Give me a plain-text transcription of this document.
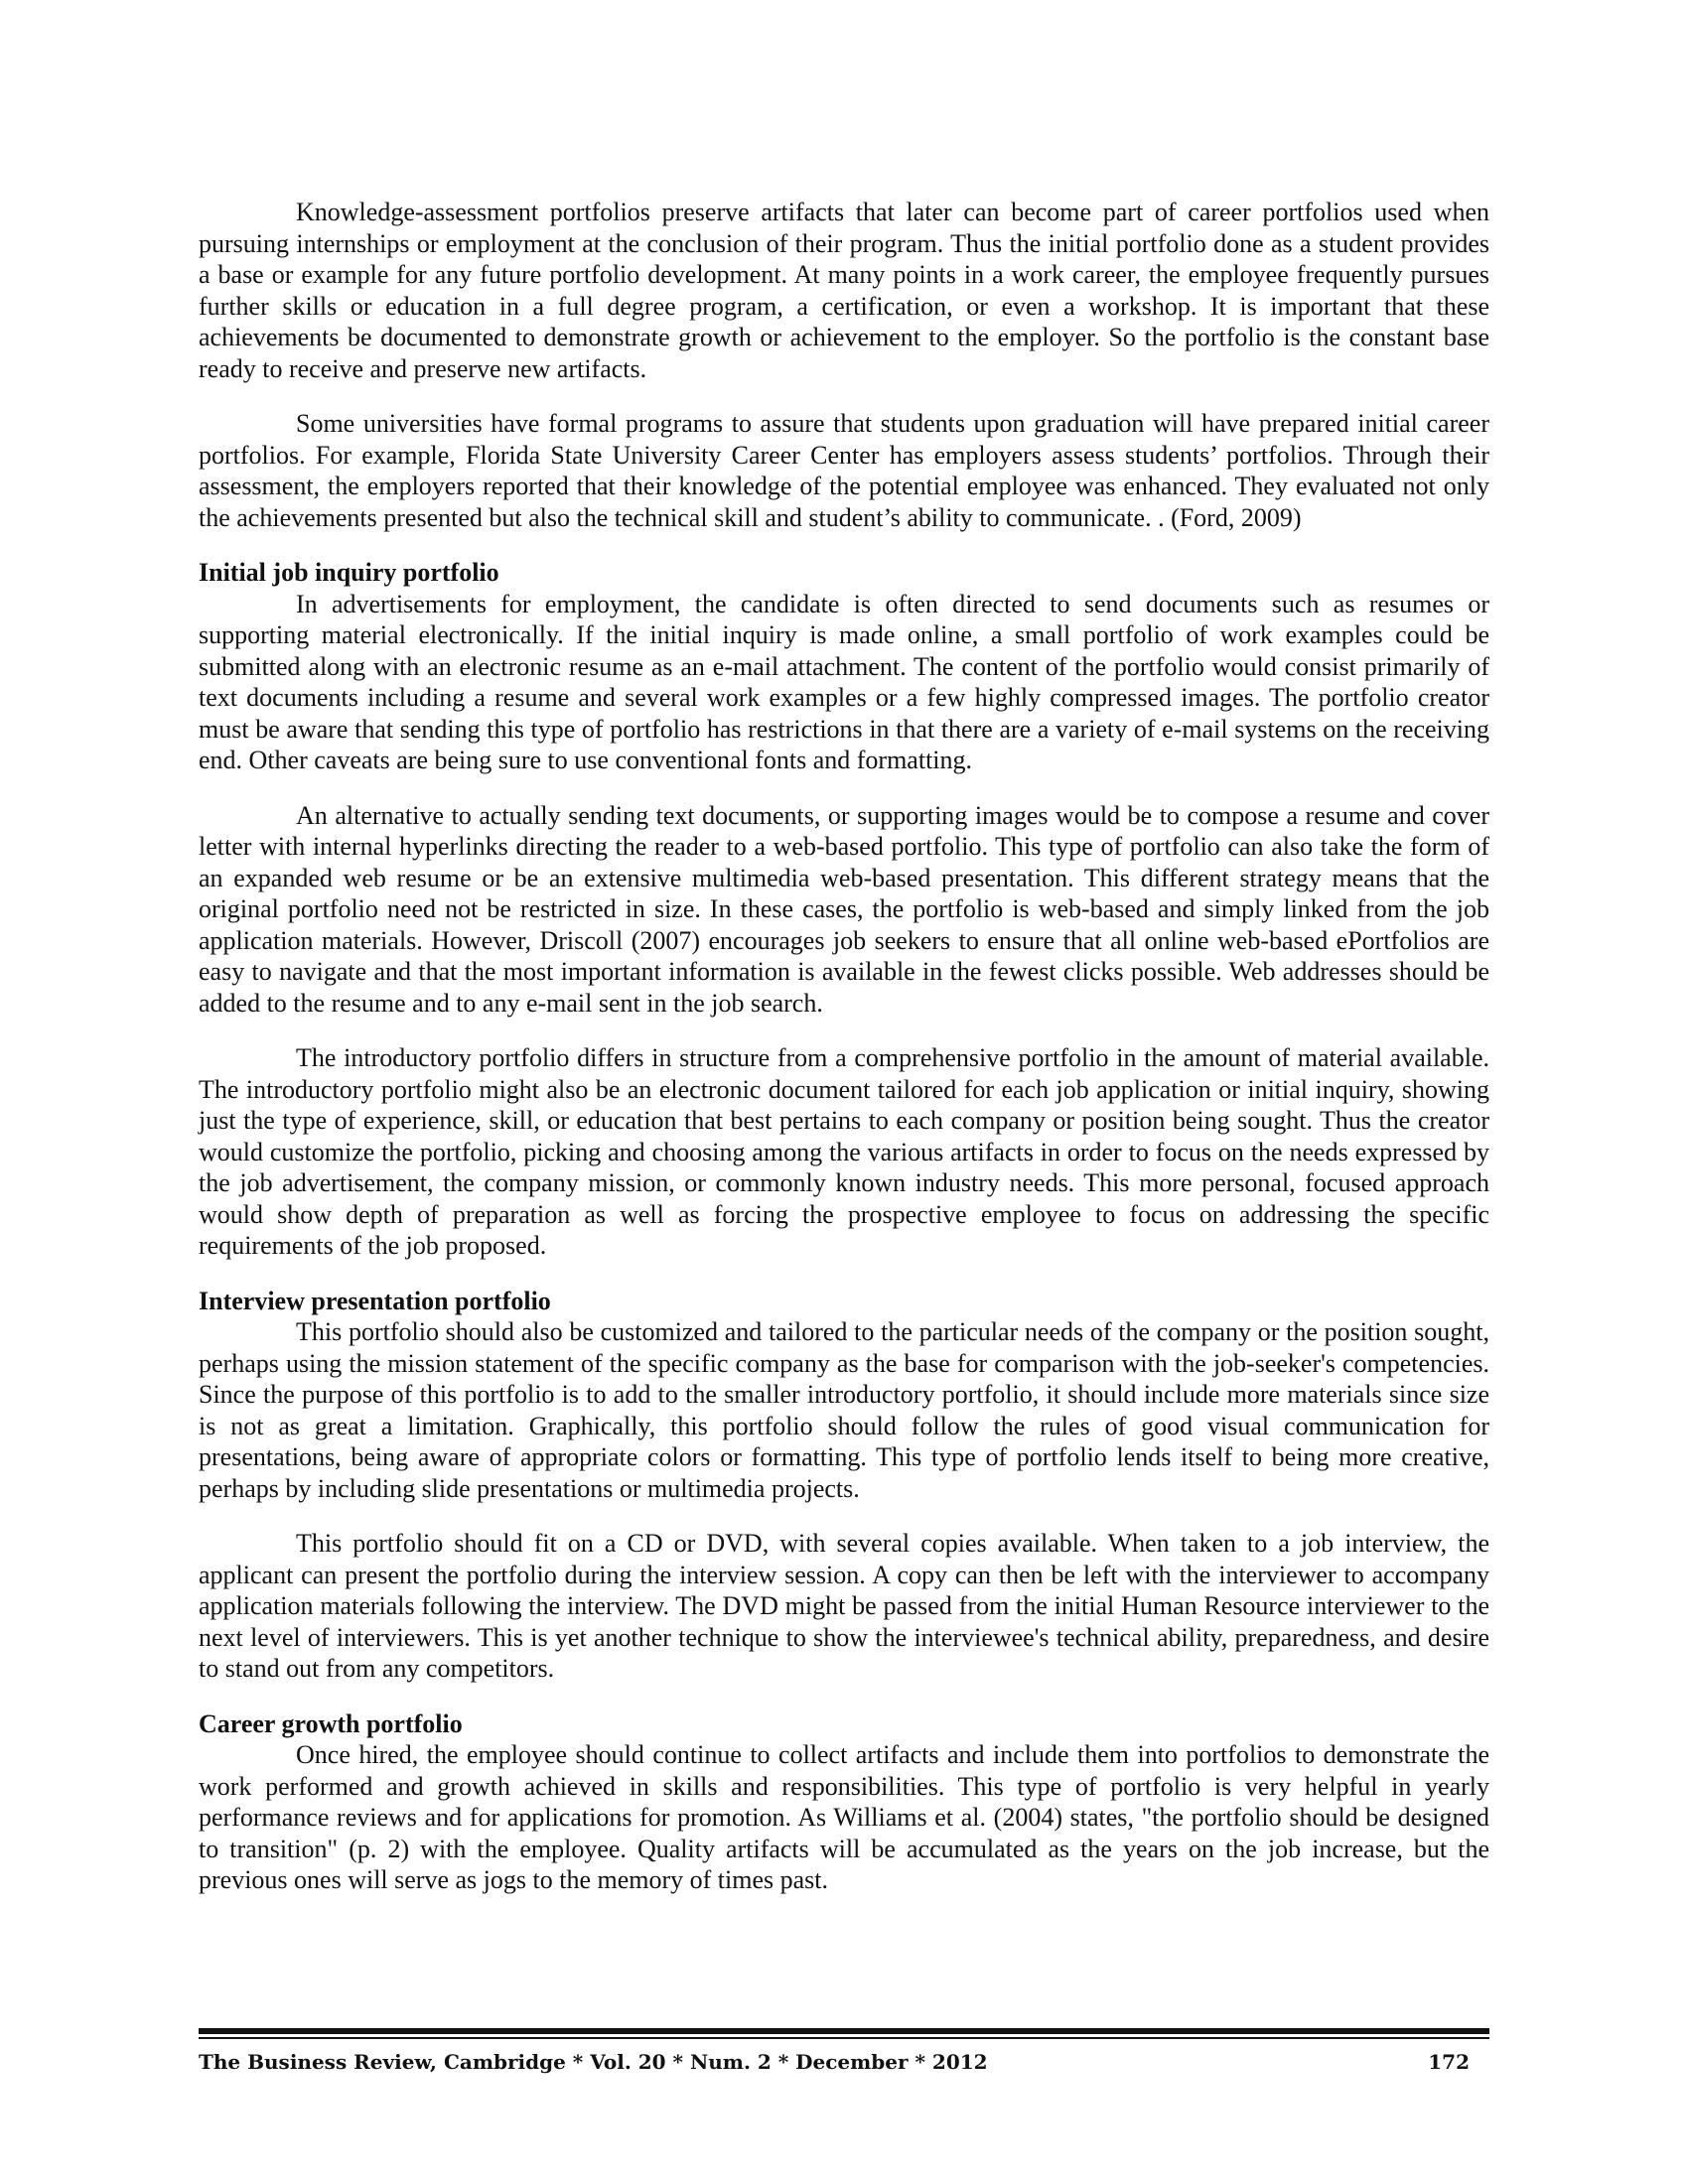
Knowledge-assessment portfolios preserve artifacts that later can become part of career portfolios used when pursuing internships or employment at the conclusion of their program. Thus the initial portfolio done as a student provides a base or example for any future portfolio development. At many points in a work career, the employee frequently pursues further skills or education in a full degree program, a certification, or even a workshop. It is important that these achievements be documented to demonstrate growth or achievement to the employer. So the portfolio is the constant base ready to receive and preserve new artifacts.

Some universities have formal programs to assure that students upon graduation will have prepared initial career portfolios. For example, Florida State University Career Center has employers assess students’ portfolios. Through their assessment, the employers reported that their knowledge of the potential employee was enhanced. They evaluated not only the achievements presented but also the technical skill and student’s ability to communicate. . (Ford, 2009)

Initial job inquiry portfolio

In advertisements for employment, the candidate is often directed to send documents such as resumes or supporting material electronically. If the initial inquiry is made online, a small portfolio of work examples could be submitted along with an electronic resume as an e-mail attachment. The content of the portfolio would consist primarily of text documents including a resume and several work examples or a few highly compressed images. The portfolio creator must be aware that sending this type of portfolio has restrictions in that there are a variety of e-mail systems on the receiving end. Other caveats are being sure to use conventional fonts and formatting.

An alternative to actually sending text documents, or supporting images would be to compose a resume and cover letter with internal hyperlinks directing the reader to a web-based portfolio. This type of portfolio can also take the form of an expanded web resume or be an extensive multimedia web-based presentation. This different strategy means that the original portfolio need not be restricted in size. In these cases, the portfolio is web-based and simply linked from the job application materials. However, Driscoll (2007) encourages job seekers to ensure that all online web-based ePortfolios are easy to navigate and that the most important information is available in the fewest clicks possible. Web addresses should be added to the resume and to any e-mail sent in the job search.

The introductory portfolio differs in structure from a comprehensive portfolio in the amount of material available. The introductory portfolio might also be an electronic document tailored for each job application or initial inquiry, showing just the type of experience, skill, or education that best pertains to each company or position being sought. Thus the creator would customize the portfolio, picking and choosing among the various artifacts in order to focus on the needs expressed by the job advertisement, the company mission, or commonly known industry needs. This more personal, focused approach would show depth of preparation as well as forcing the prospective employee to focus on addressing the specific requirements of the job proposed.

Interview presentation portfolio

This portfolio should also be customized and tailored to the particular needs of the company or the position sought, perhaps using the mission statement of the specific company as the base for comparison with the job-seeker's competencies. Since the purpose of this portfolio is to add to the smaller introductory portfolio, it should include more materials since size is not as great a limitation. Graphically, this portfolio should follow the rules of good visual communication for presentations, being aware of appropriate colors or formatting. This type of portfolio lends itself to being more creative, perhaps by including slide presentations or multimedia projects.

This portfolio should fit on a CD or DVD, with several copies available. When taken to a job interview, the applicant can present the portfolio during the interview session. A copy can then be left with the interviewer to accompany application materials following the interview. The DVD might be passed from the initial Human Resource interviewer to the next level of interviewers. This is yet another technique to show the interviewee's technical ability, preparedness, and desire to stand out from any competitors.

Career growth portfolio

Once hired, the employee should continue to collect artifacts and include them into portfolios to demonstrate the work performed and growth achieved in skills and responsibilities. This type of portfolio is very helpful in yearly performance reviews and for applications for promotion. As Williams et al. (2004) states, "the portfolio should be designed to transition" (p. 2) with the employee. Quality artifacts will be accumulated as the years on the job increase, but the previous ones will serve as jogs to the memory of times past.

The Business Review, Cambridge * Vol. 20 * Num. 2 * December * 2012	172
